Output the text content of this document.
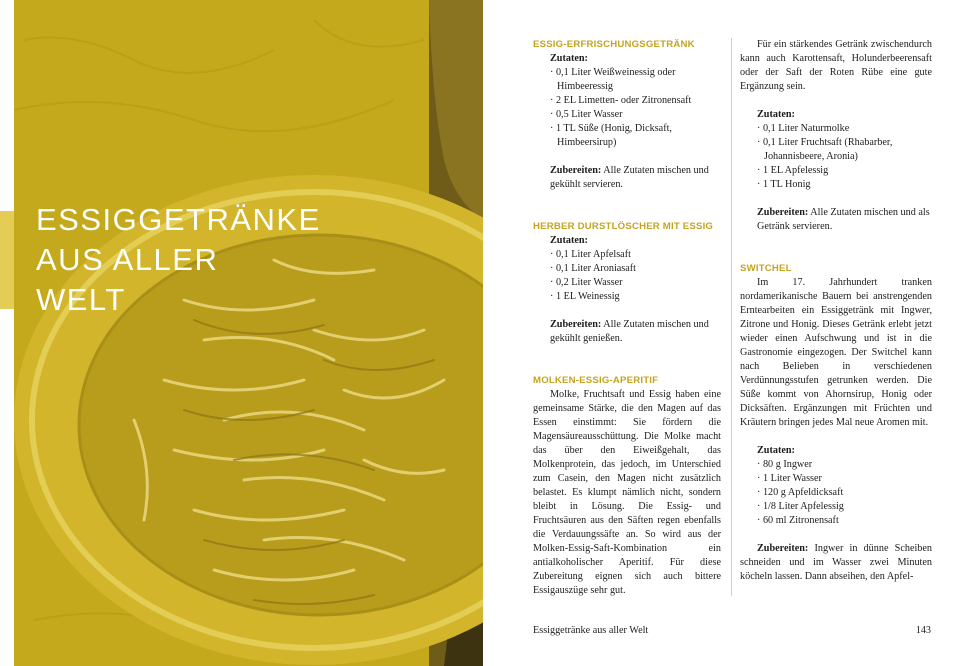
ESSIGGETRÄNKE
AUS ALLER
WELT
ESSIG-ERFRISCHUNGSGETRÄNK

Zutaten:

· 0,1 Liter Weißweinessig oder Himbeeressig
· 2 EL Limetten- oder Zitronensaft
· 0,5 Liter Wasser
· 1 TL Süße (Honig, Dicksaft, Himbeersirup)

Zubereiten: Alle Zutaten mischen und gekühlt servieren.

HERBER DURSTLÖSCHER MIT ESSIG

Zutaten:

· 0,1 Liter Apfelsaft
· 0,1 Liter Aroniasaft
· 0,2 Liter Wasser
· 1 EL Weinessig

Zubereiten: Alle Zutaten mischen und gekühlt genießen.

MOLKEN-ESSIG-APERITIF

Molke, Fruchtsaft und Essig haben eine gemeinsame Stärke, die den Magen auf das Essen einstimmt: Sie fördern die Magensäureausschüttung. Die Molke macht das über den Eiweißgehalt, das Molkenprotein, das jedoch, im Unterschied zum Casein, den Magen nicht zusätzlich belastet. Es klumpt nämlich nicht, sondern bleibt in Lösung. Die Essig- und Fruchtsäuren aus den Säften regen ebenfalls die Verdauungssäfte an. So wird aus der Molken-Essig-Saft-Kombination ein antialkoholischer Aperitif. Für diese Zubereitung eignen sich auch bittere Essigauszüge sehr gut.

Für ein stärkendes Getränk zwischendurch kann auch Karottensaft, Holunderbeerensaft oder der Saft der Roten Rübe eine gute Ergänzung sein.

Zutaten:

· 0,1 Liter Naturmolke
· 0,1 Liter Fruchtsaft (Rhabarber, Johannisbeere, Aronia)
· 1 EL Apfelessig
· 1 TL Honig

Zubereiten: Alle Zutaten mischen und als Getränk servieren.

SWITCHEL

Im 17. Jahrhundert tranken nordamerikanische Bauern bei anstrengenden Erntearbeiten ein Essiggetränk mit Ingwer, Zitrone und Honig. Dieses Getränk erlebt jetzt wieder einen Aufschwung und ist in die Gastronomie eingezogen. Der Switchel kann nach Belieben in verschiedenen Verdünnungsstufen getrunken werden. Die Süße kommt von Ahornsirup, Honig oder Dicksäften. Ergänzungen mit Früchten und Kräutern bringen jedes Mal neue Aromen mit.

Zutaten:

· 80 g Ingwer
· 1 Liter Wasser
· 120 g Apfeldicksaft
· 1/8 Liter Apfelessig
· 60 ml Zitronensaft

Zubereiten: Ingwer in dünne Scheiben schneiden und im Wasser zwei Minuten köcheln lassen. Dann abseihen, den Apfel-

Essiggetränke aus aller Welt	143
